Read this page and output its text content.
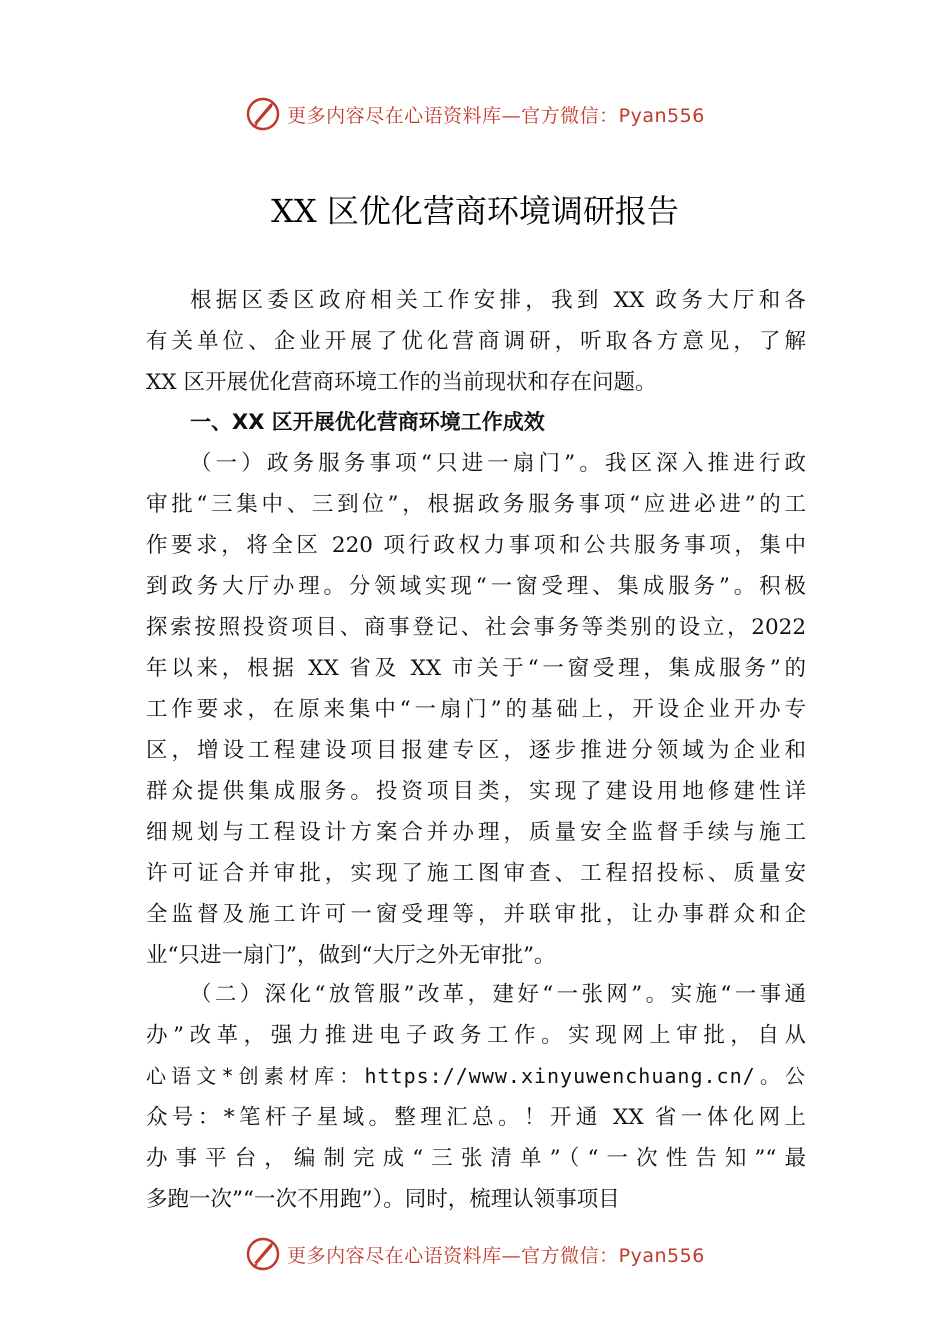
更多内容尽在心语资料库—官方微信：Pyan556
XX 区优化营商环境调研报告
根据区委区政府相关工作安排，我到 XX 政务大厅和各
有关单位、企业开展了优化营商调研，听取各方意见，了解
XX 区开展优化营商环境工作的当前现状和存在问题。
一、XX 区开展优化营商环境工作成效
（一）政务服务事项“只进一扇门”。我区深入推进行政
审批“三集中、三到位”，根据政务服务事项“应进必进”的工
作要求，将全区 220 项行政权力事项和公共服务事项，集中
到政务大厅办理。分领域实现“一窗受理、集成服务”。积极
探索按照投资项目、商事登记、社会事务等类别的设立，2022
年以来，根据 XX 省及 XX 市关于“一窗受理，集成服务”的
工作要求，在原来集中“一扇门”的基础上，开设企业开办专
区，增设工程建设项目报建专区，逐步推进分领域为企业和
群众提供集成服务。投资项目类，实现了建设用地修建性详
细规划与工程设计方案合并办理，质量安全监督手续与施工
许可证合并审批，实现了施工图审查、工程招投标、质量安
全监督及施工许可一窗受理等，并联审批，让办事群众和企
业“只进一扇门”，做到“大厅之外无审批”。
（二）深化“放管服”改革，建好“一张网”。实施“一事通
办”改革，强力推进电子政务工作。实现网上审批，自从
心语文*创素材库：https://www.xinyuwenchuang.cn/。公
众号：*笔杆子星域。整理汇总。！开通 XX 省一体化网上
办事平台，编制完成“三张清单”（“一次性告知”“最
多跑一次”“一次不用跑”）。同时，梳理认领事项目
更多内容尽在心语资料库—官方微信：Pyan556
